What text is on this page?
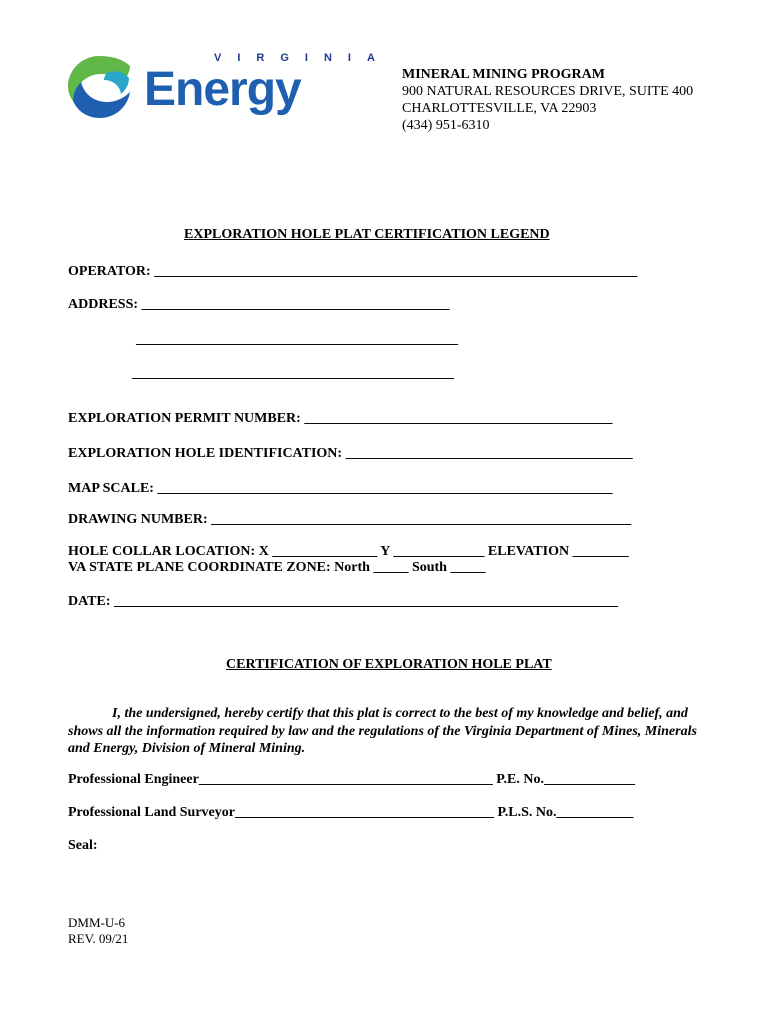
VIRGINIA
Energy	MINERAL MINING PROGRAM
900 NATURAL RESOURCES DRIVE, SUITE 400
CHARLOTTESVILLE, VA 22903
(434) 951-6310
EXPLORATION HOLE PLAT CERTIFICATION LEGEND
OPERATOR: _____________________________________________________________________
ADDRESS: ____________________________________________
______________________________________________
______________________________________________
EXPLORATION PERMIT NUMBER: ____________________________________________
EXPLORATION HOLE IDENTIFICATION: _________________________________________
MAP SCALE: _________________________________________________________________
DRAWING NUMBER: ____________________________________________________________
HOLE COLLAR LOCATION: X _______________ Y _____________ ELEVATION ________
VA STATE PLANE COORDINATE ZONE: North _____ South _____
DATE: ________________________________________________________________________
CERTIFICATION OF EXPLORATION HOLE PLAT
I, the undersigned, hereby certify that this plat is correct to the best of my knowledge and belief, and shows all the information required by law and the regulations of the Virginia Department of Mines, Minerals and Energy, Division of Mineral Mining.
Professional Engineer__________________________________________ P.E. No._____________
Professional Land Surveyor_____________________________________ P.L.S. No.___________
Seal:
DMM-U-6
REV. 09/21
